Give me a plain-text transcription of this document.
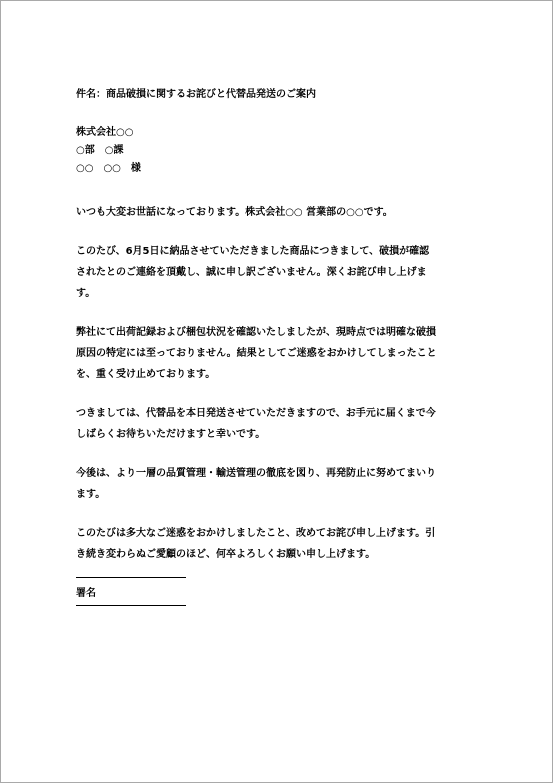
件名：商品破損に関するお詫びと代替品発送のご案内
株式会社○○
○部　○課
○○　○○　様
いつも大変お世話になっております。株式会社○○ 営業部の○○です。
このたび、6月5日に納品させていただきました商品につきまして、破損が確認
されたとのご連絡を頂戴し、誠に申し訳ございません。深くお詫び申し上げま
す。
弊社にて出荷記録および梱包状況を確認いたしましたが、現時点では明確な破損
原因の特定には至っておりません。結果としてご迷惑をおかけしてしまったこと
を、重く受け止めております。
つきましては、代替品を本日発送させていただきますので、お手元に届くまで今
しばらくお待ちいただけますと幸いです。
今後は、より一層の品質管理・輸送管理の徹底を図り、再発防止に努めてまいり
ます。
このたびは多大なご迷惑をおかけしましたこと、改めてお詫び申し上げます。引
き続き変わらぬご愛顧のほど、何卒よろしくお願い申し上げます。
署名
